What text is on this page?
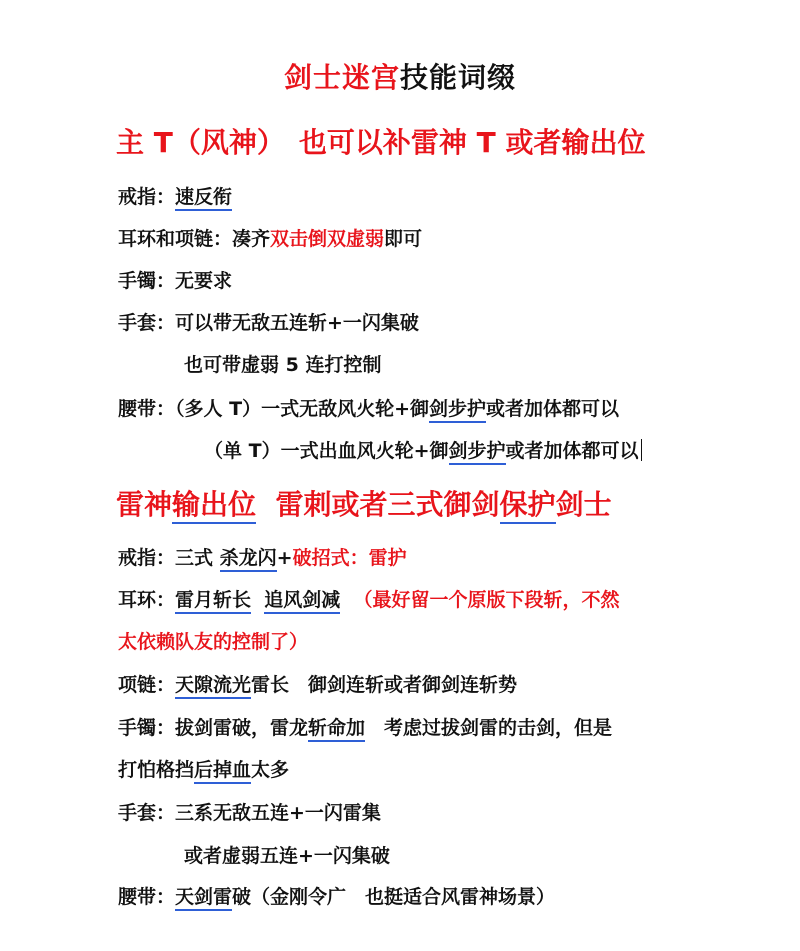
剑士迷宫技能词缀
主 T（风神）　也可以补雷神 T 或者输出位
戒指：速反衔
耳环和项链：凑齐双击倒双虚弱即可
手镯：无要求
手套：可以带无敌五连斩+一闪集破
也可带虚弱 5 连打控制
腰带：（多人 T）一式无敌风火轮+御剑步护或者加体都可以
（单 T）一式出血风火轮+御剑步护或者加体都可以
雷神输出位 雷刺或者三式御剑保护剑士
戒指：三式 杀龙闪+破招式：雷护
耳环：雷月斩长 追风剑减 （最好留一个原版下段斩，不然
太依赖队友的控制了）
项链：天隙流光雷长　御剑连斩或者御剑连斩势
手镯：拔剑雷破，雷龙斩命加　考虑过拔剑雷的击剑，但是
打怕格挡后掉血太多
手套：三系无敌五连+一闪雷集
或者虚弱五连+一闪集破
腰带：天剑雷破（金刚令广　也挺适合风雷神场景）
